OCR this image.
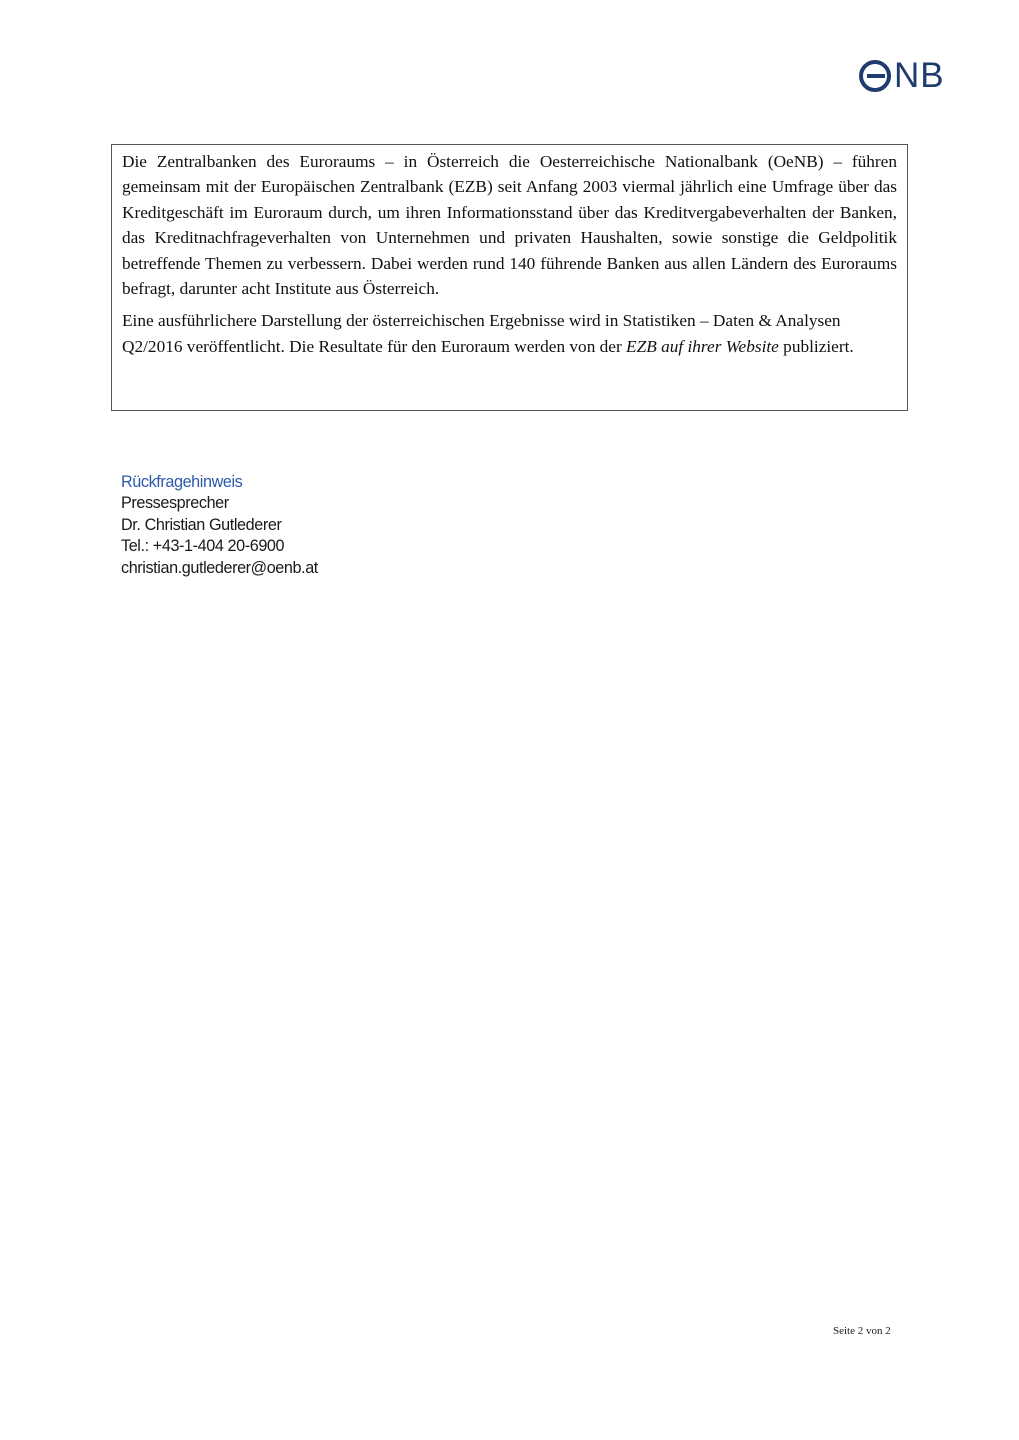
NB

Die Zentralbanken des Euroraums – in Österreich die Oesterreichische Nationalbank (OeNB) – führen gemeinsam mit der Europäischen Zentralbank (EZB) seit Anfang 2003 viermal jährlich eine Umfrage über das Kreditgeschäft im Euroraum durch, um ihren Informationsstand über das Kreditvergabeverhalten der Banken, das Kreditnachfrageverhalten von Unternehmen und privaten Haushalten, sowie sonstige die Geldpolitik betreffende Themen zu verbessern. Dabei werden rund 140 führende Banken aus allen Ländern des Euroraums befragt, darunter acht Institute aus Österreich.

Eine ausführlichere Darstellung der österreichischen Ergebnisse wird in Statistiken – Daten & Analysen Q2/2016 veröffentlicht. Die Resultate für den Euroraum werden von der EZB auf ihrer Website publiziert.

Rückfragehinweis
Pressesprecher
Dr. Christian Gutlederer
Tel.: +43-1-404 20-6900
christian.gutlederer@oenb.at
Seite 2 von 2
